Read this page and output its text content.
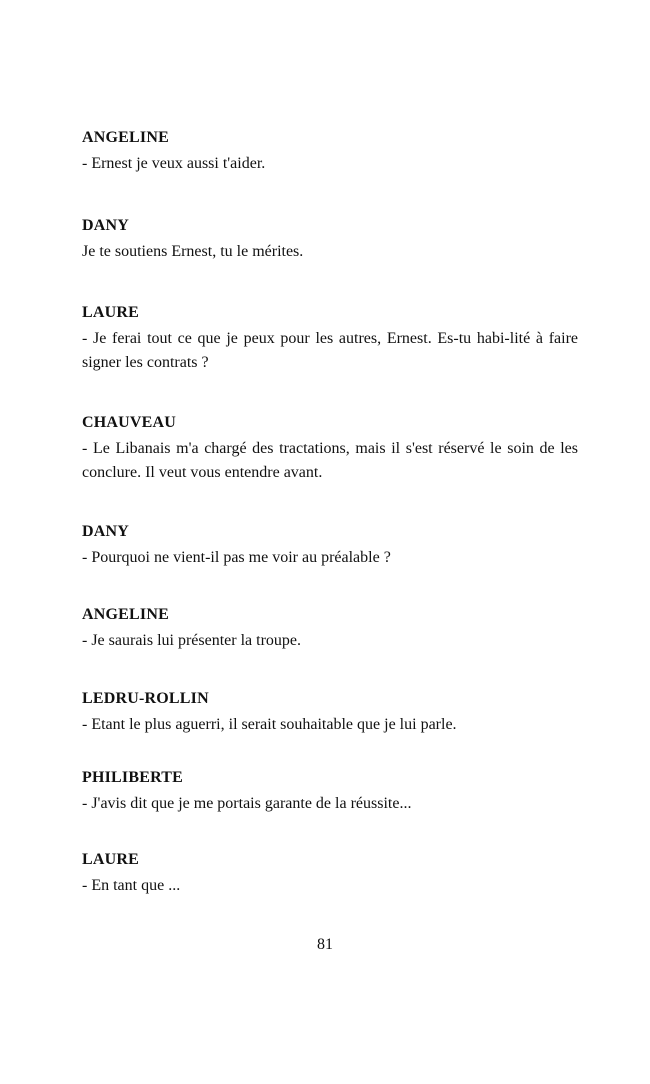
ANGELINE

- Ernest je veux aussi t'aider.

DANY

Je te soutiens Ernest, tu le mérites.

LAURE

- Je ferai tout ce que je peux pour les autres, Ernest. Es-tu habi-lité à faire signer les contrats ?

CHAUVEAU

- Le Libanais m'a chargé des tractations, mais il s'est réservé le soin de les conclure. Il veut vous entendre avant.

DANY

- Pourquoi ne vient-il pas me voir au préalable ?

ANGELINE

- Je saurais lui présenter la troupe.

LEDRU-ROLLIN

- Etant le plus aguerri, il serait souhaitable que je lui parle.

PHILIBERTE

- J'avis dit que je me portais garante de la réussite...

LAURE

- En tant que ...

81
